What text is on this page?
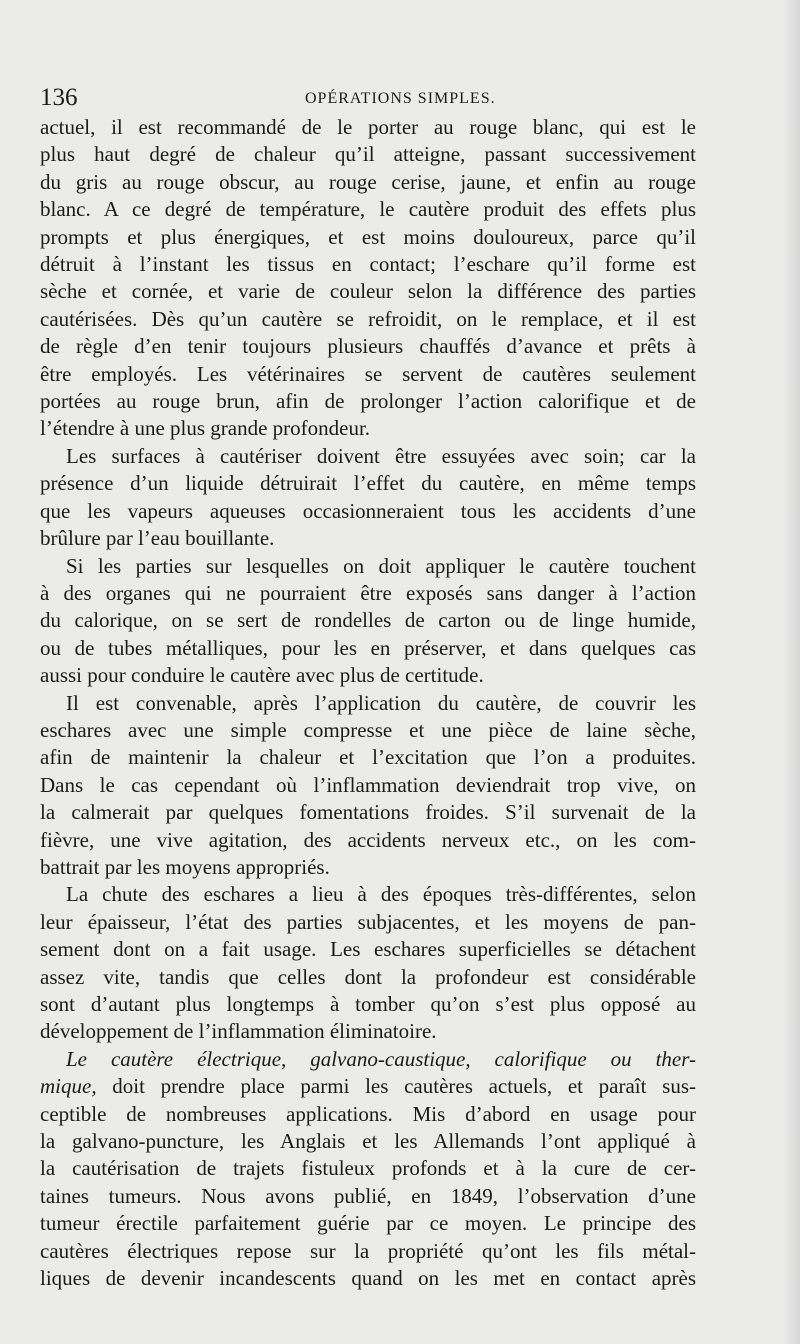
136	OPÉRATIONS SIMPLES.
actuel, il est recommandé de le porter au rouge blanc, qui est le
plus haut degré de chaleur qu’il atteigne, passant successivement
du gris au rouge obscur, au rouge cerise, jaune, et enfin au rouge
blanc. A ce degré de température, le cautère produit des effets plus
prompts et plus énergiques, et est moins douloureux, parce qu’il
détruit à l’instant les tissus en contact; l’eschare qu’il forme est
sèche et cornée, et varie de couleur selon la différence des parties
cautérisées. Dès qu’un cautère se refroidit, on le remplace, et il est
de règle d’en tenir toujours plusieurs chauffés d’avance et prêts à
être employés. Les vétérinaires se servent de cautères seulement
portées au rouge brun, afin de prolonger l’action calorifique et de
l’étendre à une plus grande profondeur.
Les surfaces à cautériser doivent être essuyées avec soin; car la
présence d’un liquide détruirait l’effet du cautère, en même temps
que les vapeurs aqueuses occasionneraient tous les accidents d’une
brûlure par l’eau bouillante.
Si les parties sur lesquelles on doit appliquer le cautère touchent
à des organes qui ne pourraient être exposés sans danger à l’action
du calorique, on se sert de rondelles de carton ou de linge humide,
ou de tubes métalliques, pour les en préserver, et dans quelques cas
aussi pour conduire le cautère avec plus de certitude.
Il est convenable, après l’application du cautère, de couvrir les
eschares avec une simple compresse et une pièce de laine sèche,
afin de maintenir la chaleur et l’excitation que l’on a produites.
Dans le cas cependant où l’inflammation deviendrait trop vive, on
la calmerait par quelques fomentations froides. S’il survenait de la
fièvre, une vive agitation, des accidents nerveux etc., on les com-
battrait par les moyens appropriés.
La chute des eschares a lieu à des époques très-différentes, selon
leur épaisseur, l’état des parties subjacentes, et les moyens de pan-
sement dont on a fait usage. Les eschares superficielles se détachent
assez vite, tandis que celles dont la profondeur est considérable
sont d’autant plus longtemps à tomber qu’on s’est plus opposé au
développement de l’inflammation éliminatoire.
Le cautère électrique, galvano-caustique, calorifique ou ther-
mique, doit prendre place parmi les cautères actuels, et paraît sus-
ceptible de nombreuses applications. Mis d’abord en usage pour
la galvano-puncture, les Anglais et les Allemands l’ont appliqué à
la cautérisation de trajets fistuleux profonds et à la cure de cer-
taines tumeurs. Nous avons publié, en 1849, l’observation d’une
tumeur érectile parfaitement guérie par ce moyen. Le principe des
cautères électriques repose sur la propriété qu’ont les fils métal-
liques de devenir incandescents quand on les met en contact après
